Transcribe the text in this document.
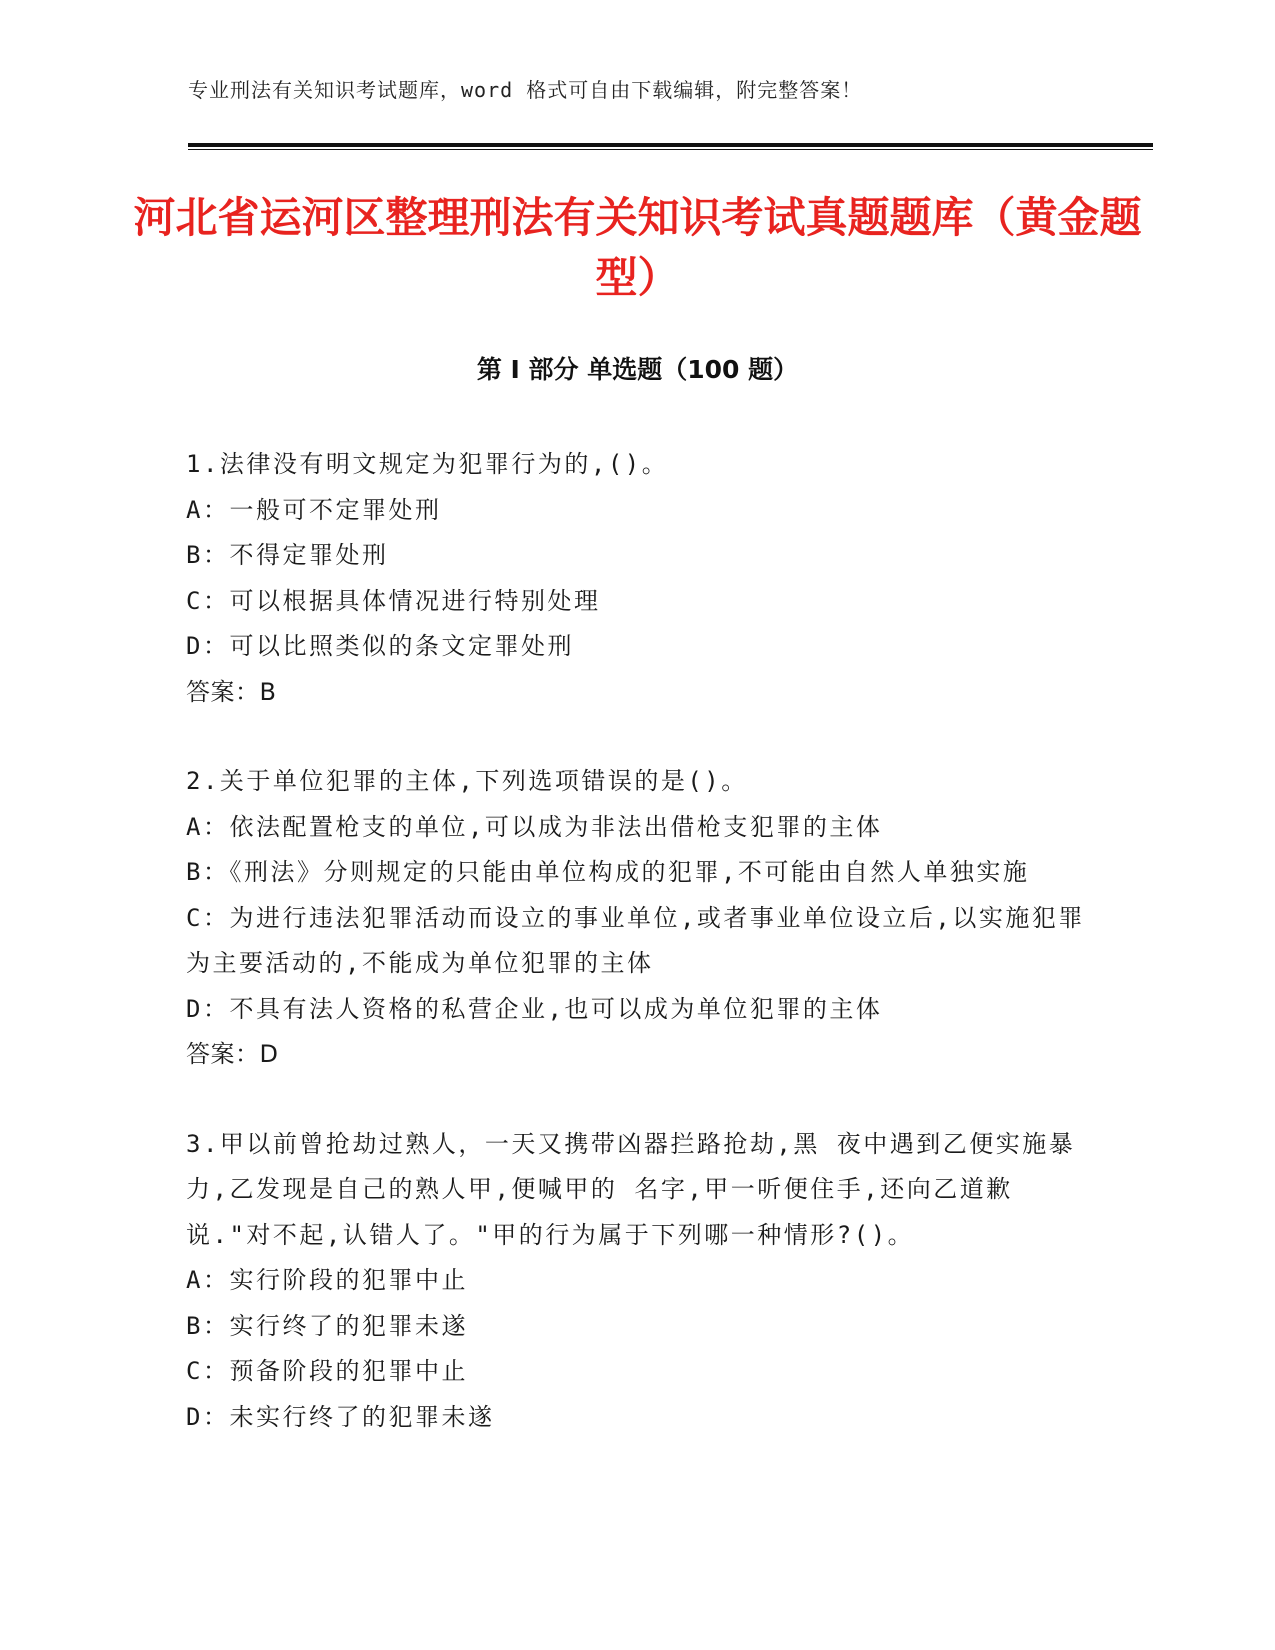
专业刑法有关知识考试题库，word 格式可自由下载编辑，附完整答案！
河北省运河区整理刑法有关知识考试真题题库（黄金题型）
第 I 部分 单选题（100 题）
1.法律没有明文规定为犯罪行为的,()。
A：一般可不定罪处刑
B：不得定罪处刑
C：可以根据具体情况进行特别处理
D：可以比照类似的条文定罪处刑
答案：B
2.关于单位犯罪的主体,下列选项错误的是()。
A：依法配置枪支的单位,可以成为非法出借枪支犯罪的主体
B：《刑法》分则规定的只能由单位构成的犯罪,不可能由自然人单独实施
C：为进行违法犯罪活动而设立的事业单位,或者事业单位设立后,以实施犯罪为主要活动的,不能成为单位犯罪的主体
D：不具有法人资格的私营企业,也可以成为单位犯罪的主体
答案：D
3.甲以前曾抢劫过熟人，一天又携带凶器拦路抢劫,黑 夜中遇到乙便实施暴力,乙发现是自己的熟人甲,便喊甲的 名字,甲一听便住手,还向乙道歉说."对不起,认错人了。"甲的行为属于下列哪一种情形?()。
A：实行阶段的犯罪中止
B：实行终了的犯罪未遂
C：预备阶段的犯罪中止
D：未实行终了的犯罪未遂
